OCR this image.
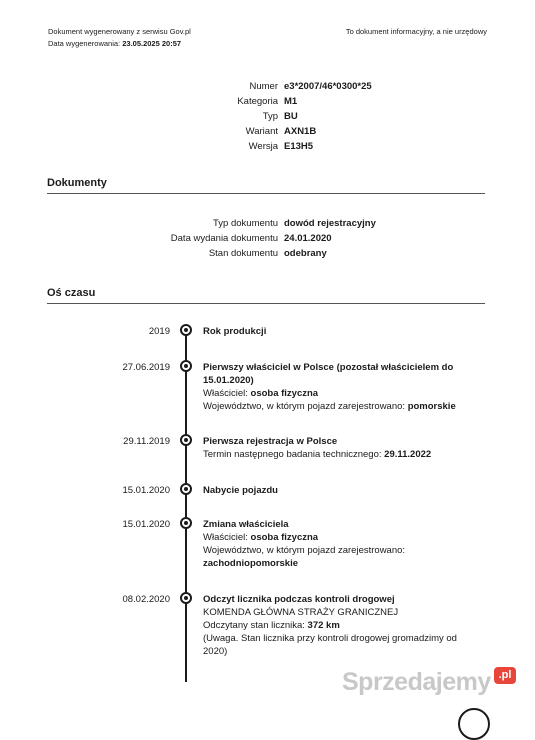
Dokument wygenerowany z serwisu Gov.pl
Data wygenerowania: 23.05.2025 20:57
To dokument informacyjny, a nie urzędowy
Numer e3*2007/46*0300*25
Kategoria M1
Typ BU
Wariant AXN1B
Wersja E13H5
Dokumenty
Typ dokumentu dowód rejestracyjny
Data wydania dokumentu 24.01.2020
Stan dokumentu odebrany
Oś czasu
2019	Rok produkcji
27.06.2019	Pierwszy właściciel w Polsce (pozostał właścicielem do 15.01.2020)
Właściciel: osoba fizyczna
Województwo, w którym pojazd zarejestrowano: pomorskie
29.11.2019	Pierwsza rejestracja w Polsce
Termin następnego badania technicznego: 29.11.2022
15.01.2020	Nabycie pojazdu
15.01.2020	Zmiana właściciela
Właściciel: osoba fizyczna
Województwo, w którym pojazd zarejestrowano: zachodniopomorskie
08.02.2020	Odczyt licznika podczas kontroli drogowej
KOMENDA GŁÓWNA STRAŻY GRANICZNEJ
Odczytany stan licznika: 372 km
(Uwaga. Stan licznika przy kontroli drogowej gromadzimy od 2020)
Sprzedajemy .pl
